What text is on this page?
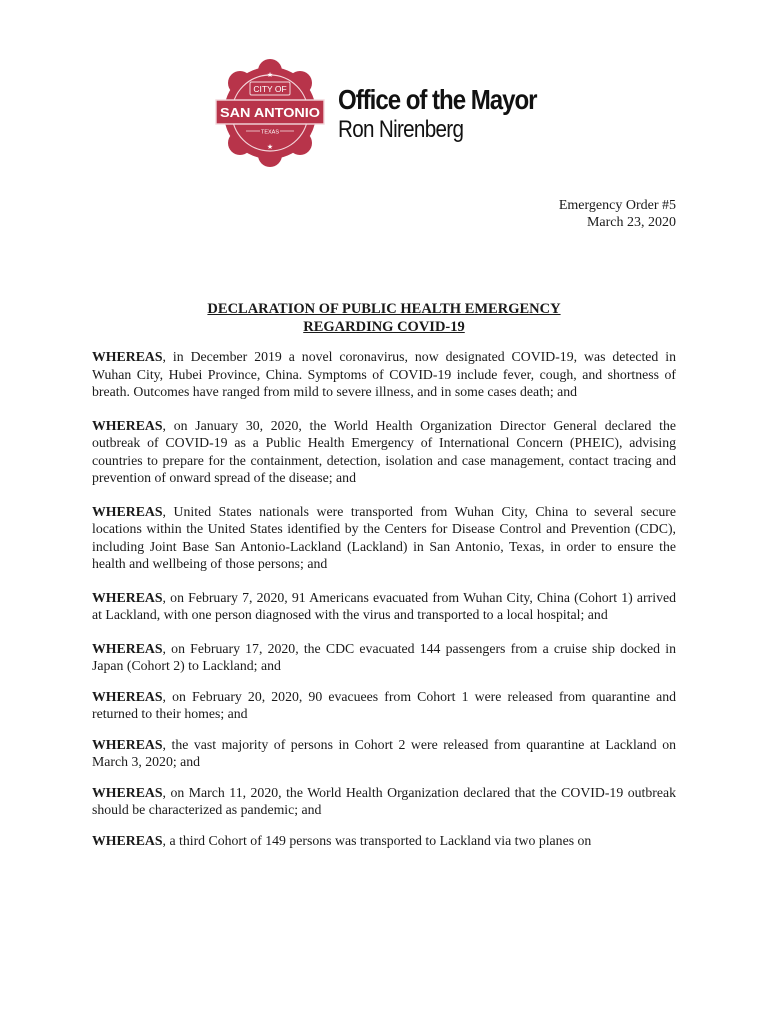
CITY OF
SAN ANTONIO
TEXAS
★
★
Office of the Mayor
Ron Nirenberg
Emergency Order #5
March 23, 2020
DECLARATION OF PUBLIC HEALTH EMERGENCY
REGARDING COVID-19

WHEREAS, in December 2019 a novel coronavirus, now designated COVID-19, was detected in Wuhan City, Hubei Province, China. Symptoms of COVID-19 include fever, cough, and shortness of breath. Outcomes have ranged from mild to severe illness, and in some cases death; and

WHEREAS, on January 30, 2020, the World Health Organization Director General declared the outbreak of COVID-19 as a Public Health Emergency of International Concern (PHEIC), advising countries to prepare for the containment, detection, isolation and case management, contact tracing and prevention of onward spread of the disease; and

WHEREAS, United States nationals were transported from Wuhan City, China to several secure locations within the United States identified by the Centers for Disease Control and Prevention (CDC), including Joint Base San Antonio-Lackland (Lackland) in San Antonio, Texas, in order to ensure the health and wellbeing of those persons; and

WHEREAS, on February 7, 2020, 91 Americans evacuated from Wuhan City, China (Cohort 1) arrived at Lackland, with one person diagnosed with the virus and transported to a local hospital; and

WHEREAS, on February 17, 2020, the CDC evacuated 144 passengers from a cruise ship docked in Japan (Cohort 2) to Lackland; and

WHEREAS, on February 20, 2020, 90 evacuees from Cohort 1 were released from quarantine and returned to their homes; and

WHEREAS, the vast majority of persons in Cohort 2 were released from quarantine at Lackland on March 3, 2020; and

WHEREAS, on March 11, 2020, the World Health Organization declared that the COVID-19 outbreak should be characterized as pandemic; and

WHEREAS, a third Cohort of 149 persons was transported to Lackland via two planes on
